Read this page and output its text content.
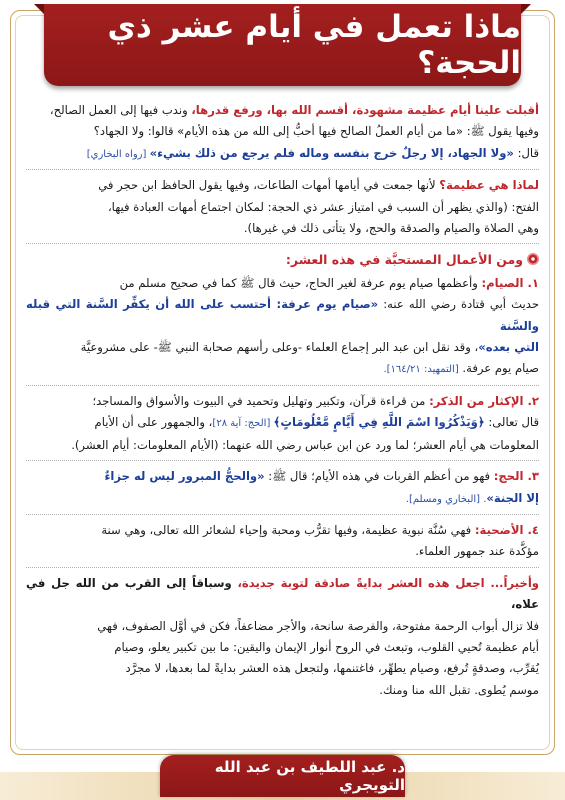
ماذا تعمل في أيام عشر ذي الحجة؟
أقبلت علينا أيام عظيمة مشهودة، أقسم الله بها، ورفع قدرها، وندب فيها إلى العمل الصالح،
وفيها يقول ﷺ: «ما من أيام العملُ الصالح فيها أحبُّ إلى الله من هذه الأيام» قالوا: ولا الجهاد؟
قال: «ولا الجهاد، إلا رجلٌ خرج بنفسه وماله فلم يرجع من ذلك بشيء» [رواه البخاري]
لماذا هي عظيمة؟ لأنها جمعت في أيامها أمهات الطاعات، وفيها يقول الحافظ ابن حجر في
الفتح: (والذي يظهر أن السبب في امتياز عشر ذي الحجة: لمكان اجتماع أمهات العبادة فيها،
وهي الصلاة والصيام والصدقة والحج، ولا يتأتى ذلك في غيرها).
ومن الأعمال المستحبَّة في هذه العشر:
١. الصيام: وأعظمها صيام يوم عرفة لغير الحاج، حيث قال ﷺ كما في صحيح مسلم من
حديث أبي قتادة رضي الله عنه: «صيام يوم عرفة: أحتسب على الله أن يكفِّر السَّنة التي قبله والسَّنة
التي بعده»، وقد نقل ابن عبد البر إجماع العلماء -وعلى رأسهم صحابة النبي ﷺ- على مشروعيَّة
صيام يوم عرفة. [التمهيد: ١٦٤/٢١].
٢. الإكثار من الذكر: من قراءة قرآن، وتكبير وتهليل وتحميد في البيوت والأسواق والمساجد؛
قال تعالى: ﴿وَيَذْكُرُوا اسْمَ اللَّهِ فِي أَيَّامٍ مَّعْلُومَاتٍ﴾ [الحج: آية ٢٨]، والجمهور على أن الأيام
المعلومات هي أيام العشر؛ لما ورد عن ابن عباس رضي الله عنهما: (الأيام المعلومات: أيام العشر).
٣. الحج: فهو من أعظم القربات في هذه الأيام؛ قال ﷺ: «والحجُّ المبرور ليس له جزاءٌ
إلا الجنة». [البخاري ومسلم].
٤. الأضحية: فهي سُنَّة نبوية عظيمة، وفيها تقرُّب ومحبة وإحياء لشعائر الله تعالى، وهي سنة
مؤكَّدة عند جمهور العلماء.
وأخيراً... اجعل هذه العشر بدايةً صادقة لتوبة جديدة، وسباقاً إلى القرب من الله جل في علاه،
فلا تزال أبواب الرحمة مفتوحة، والفرصة سانحة، والأجر مضاعفاً، فكن في أوَّل الصفوف، فهي
أيام عظيمة تُحيي القلوب، وتبعث في الروح أنوار الإيمان واليقين: ما بين تكبير يعلو، وصيام
يُقرِّب، وصدقةٍ تُرفع، وصيام يطهِّر، فاغتنمها، ولتجعل هذه العشر بدايةً لما بعدها، لا مجرَّد
موسم يُطوى. تقبل الله منا ومنك.
د. عبد اللطيف بن عبد الله التويجري
